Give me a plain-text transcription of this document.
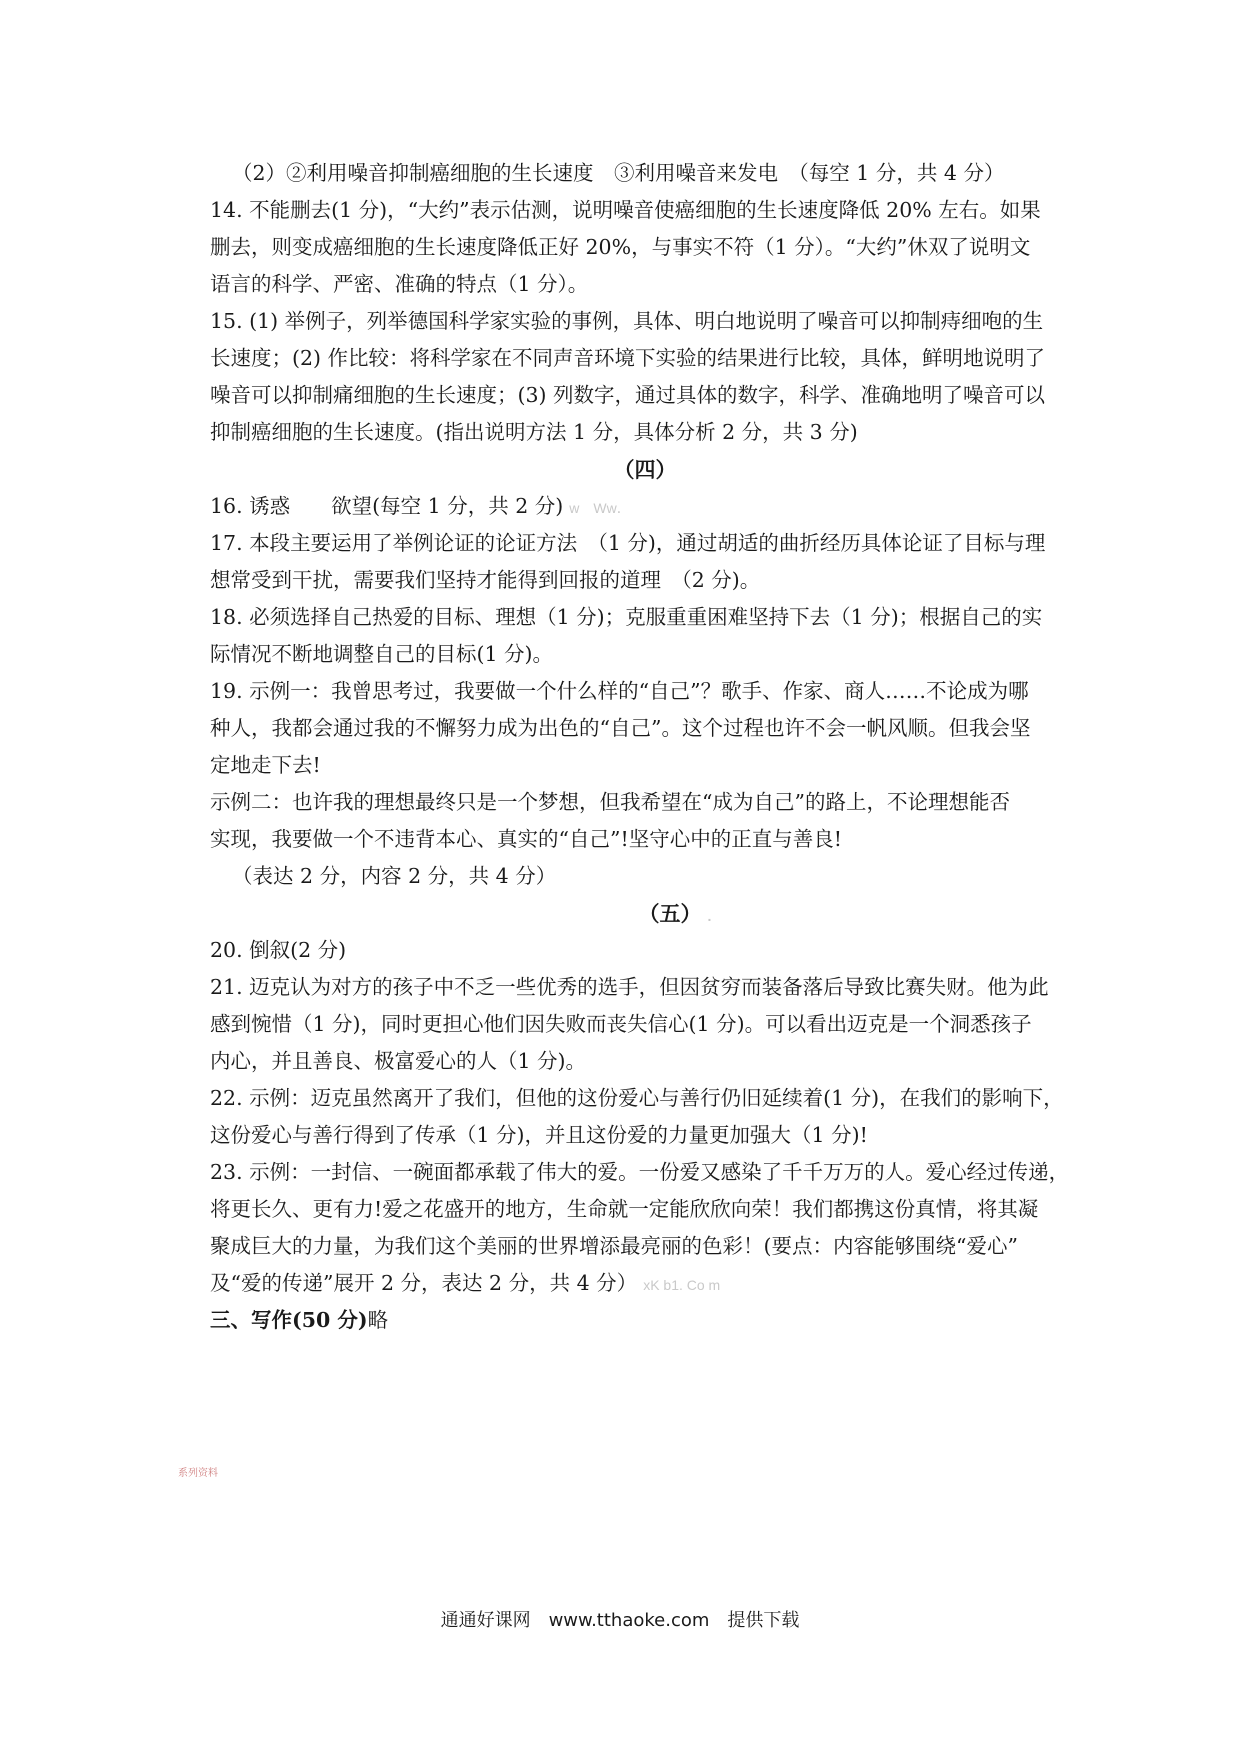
（2）②利用噪音抑制癌细胞的生长速度　③利用噪音来发电　（每空 1 分，共 4 分）
14. 不能删去(1 分)，“大约”表示估测，说明噪音使癌细胞的生长速度降低 20% 左右。如果
删去，则变成癌细胞的生长速度降低正好 20%，与事实不符（1 分）。“大约”休双了说明文
语言的科学、严密、准确的特点（1 分）。
15. (1) 举例子，列举德国科学家实验的事例，具体、明白地说明了噪音可以抑制痔细咆的生
长速度；(2) 作比较：将科学家在不同声音环境下实验的结果进行比较，具体，鲜明地说明了
噪音可以抑制痛细胞的生长速度；(3) 列数字，通过具体的数字，科学、准确地明了噪音可以
抑制癌细胞的生长速度。(指出说明方法 1 分，具体分析 2 分，共 3 分)
（四）
16. 诱惑　　欲望(每空 1 分，共 2 分) w　Ww．
17. 本段主要运用了举例论证的论证方法　（1 分)，通过胡适的曲折经历具体论证了目标与理
想常受到干扰，需要我们坚持才能得到回报的道理　（2 分)。
18. 必须选择自己热爱的目标、理想（1 分)；克服重重困难坚持下去（1 分)；根据自己的实
际情况不断地调整自己的目标(1 分)。
19. 示例一：我曾思考过，我要做一个什么样的“自己”？歌手、作家、商人……不论成为哪
种人，我都会通过我的不懈努力成为出色的“自己”。这个过程也许不会一帆风顺。但我会坚
定地走下去!
示例二：也许我的理想最终只是一个梦想，但我希望在“成为自己”的路上，不论理想能否
实现，我要做一个不违背本心、真实的“自己”!坚守心中的正直与善良!
（表达 2 分，内容 2 分，共 4 分）
（五） .
20. 倒叙(2 分)
21. 迈克认为对方的孩子中不乏一些优秀的选手，但因贫穷而装备落后导致比赛失财。他为此
感到惋惜（1 分)，同时更担心他们因失败而丧失信心(1 分)。可以看出迈克是一个洞悉孩子
内心，并且善良、极富爱心的人（1 分)。
22. 示例：迈克虽然离开了我们，但他的这份爱心与善行仍旧延续着(1 分)，在我们的影响下，
这份爱心与善行得到了传承（1 分)，并且这份爱的力量更加强大（1 分)!
23. 示例：一封信、一碗面都承载了伟大的爱。一份爱又感染了千千万万的人。爱心经过传递，
将更长久、更有力!爱之花盛开的地方，生命就一定能欣欣向荣！我们都携这份真情，将其凝
聚成巨大的力量，为我们这个美丽的世界增添最亮丽的色彩！(要点：内容能够围绕“爱心”
及“爱的传递”展开 2 分，表达 2 分，共 4 分） xK b1. Co m
三、写作(50 分)略
系列资料
通通好课网　www.tthaoke.com　提供下载
